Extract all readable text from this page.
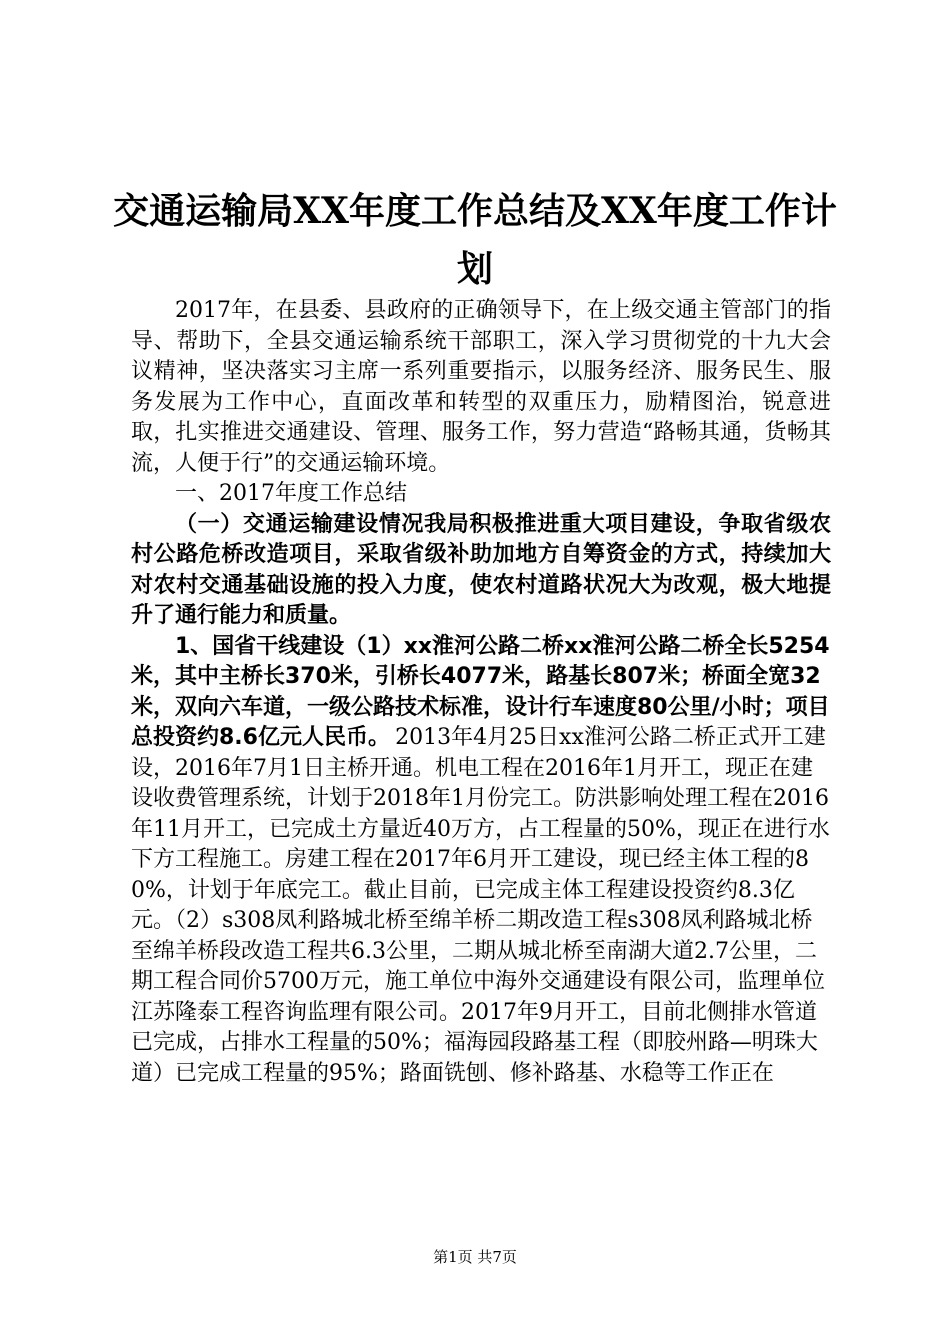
交通运输局XX年度工作总结及XX年度工作计划

2017年，在县委、县政府的正确领导下，在上级交通主管部门的指导、帮助下，全县交通运输系统干部职工，深入学习贯彻党的十九大会议精神，坚决落实习主席一系列重要指示，以服务经济、服务民生、服务发展为工作中心，直面改革和转型的双重压力，励精图治，锐意进取，扎实推进交通建设、管理、服务工作，努力营造“路畅其通，货畅其流，人便于行”的交通运输环境。

一、2017年度工作总结

（一）交通运输建设情况我局积极推进重大项目建设，争取省级农村公路危桥改造项目，采取省级补助加地方自筹资金的方式，持续加大对农村交通基础设施的投入力度，使农村道路状况大为改观，极大地提升了通行能力和质量。

1、国省干线建设（1）xx淮河公路二桥xx淮河公路二桥全长5254米，其中主桥长370米，引桥长4077米，路基长807米；桥面全宽32米，双向六车道，一级公路技术标准，设计行车速度80公里/小时；项目总投资约8.6亿元人民币。

2013年4月25日xx淮河公路二桥正式开工建设，2016年7月1日主桥开通。机电工程在2016年1月开工，现正在建设收费管理系统，计划于2018年1月份完工。防洪影响处理工程在2016年11月开工，已完成土方量近40万方，占工程量的50%，现正在进行水下方工程施工。房建工程在2017年6月开工建设，现已经主体工程的80%，计划于年底完工。截止目前，已完成主体工程建设投资约8.3亿元。（2）s308凤利路城北桥至绵羊桥二期改造工程s308凤利路城北桥至绵羊桥段改造工程共6.3公里，二期从城北桥至南湖大道2.7公里，二期工程合同价5700万元，施工单位中海外交通建设有限公司，监理单位江苏隆泰工程咨询监理有限公司。2017年9月开工，目前北侧排水管道已完成，占排水工程量的50%；福海园段路基工程（即胶州路—明珠大道）已完成工程量的95%；路面铣刨、修补路基、水稳等工作正在

第1页 共7页
